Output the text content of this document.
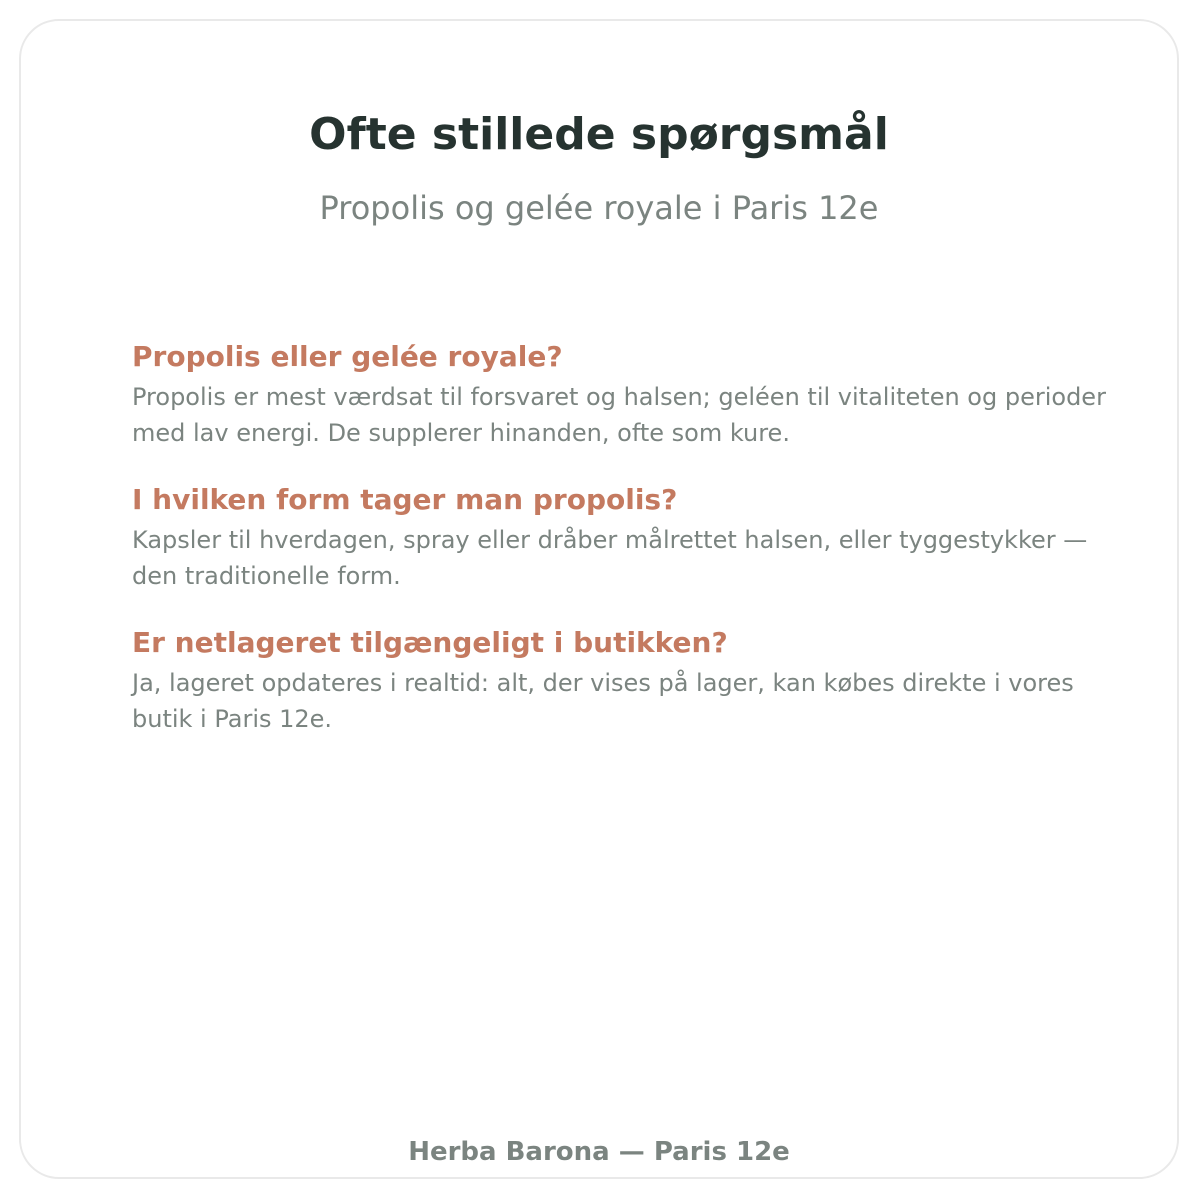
Ofte stillede spørgsmål

Propolis og gelée royale i Paris 12e

Propolis eller gelée royale?

Propolis er mest værdsat til forsvaret og halsen; geléen til vitaliteten og perioder med lav energi. De supplerer hinanden, ofte som kure.

I hvilken form tager man propolis?

Kapsler til hverdagen, spray eller dråber målrettet halsen, eller tyggestykker — den traditionelle form.

Er netlageret tilgængeligt i butikken?

Ja, lageret opdateres i realtid: alt, der vises på lager, kan købes direkte i vores butik i Paris 12e.

Herba Barona — Paris 12e
